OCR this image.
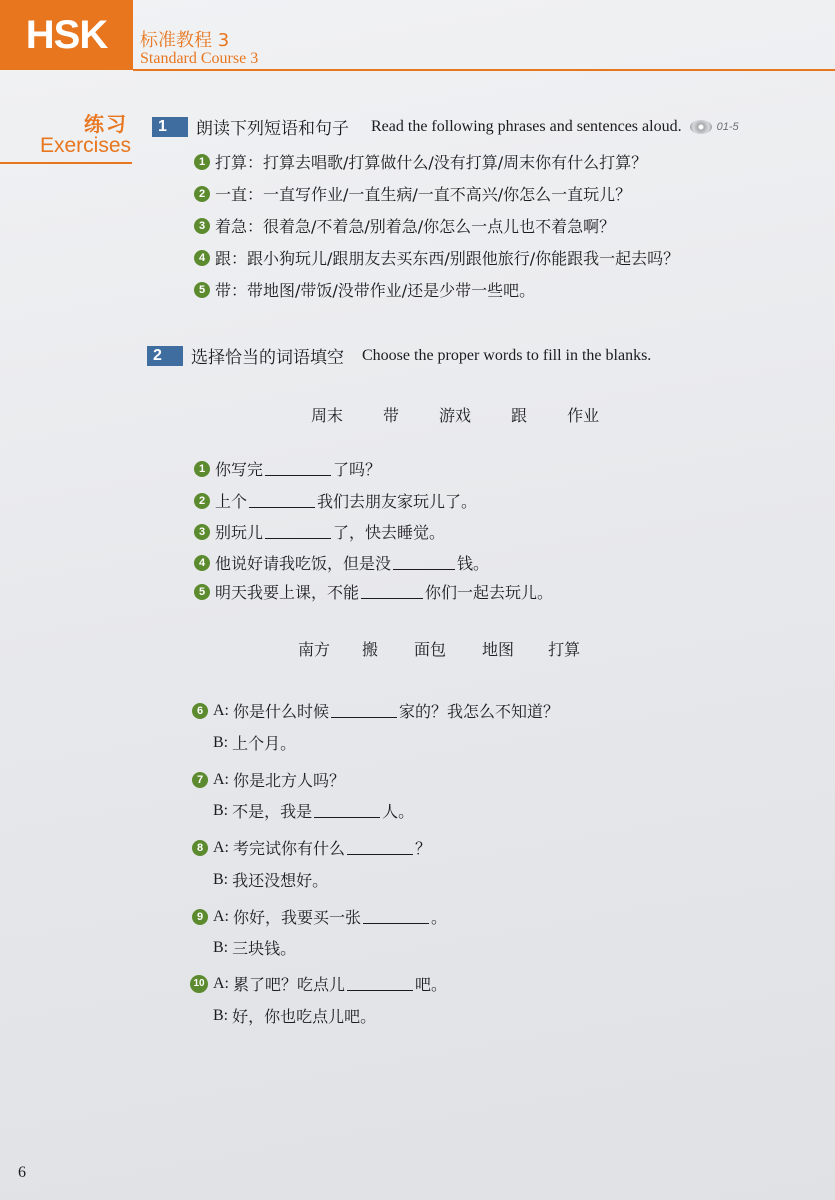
HSK 标准教程 3
Standard Course 3
练习
Exercises
1	朗读下列短语和句子 Read the following phrases and sentences aloud.	01-5
1 打算：打算去唱歌/打算做什么/没有打算/周末你有什么打算？
2 一直：一直写作业/一直生病/一直不高兴/你怎么一直玩儿？
3 着急：很着急/不着急/别着急/你怎么一点儿也不着急啊？
4 跟：跟小狗玩儿/跟朋友去买东西/别跟他旅行/你能跟我一起去吗？
5 带：带地图/带饭/没带作业/还是少带一些吧。
2	选择恰当的词语填空 Choose the proper words to fill in the blanks.
周末	带	游戏	跟	作业
1 你写完	了吗？
2 上个	我们去朋友家玩儿了。
3 别玩儿	了，快去睡觉。
4 他说好请我吃饭，但是没	钱。
5 明天我要上课，不能	你们一起去玩儿。
南方 搬 面包 地图 打算
6 A: 你是什么时候	家的？我怎么不知道？
B: 上个月。
7 A: 你是北方人吗？
B: 不是，我是	人。
8 A: 考完试你有什么	？
B: 我还没想好。
9 A: 你好，我要买一张	。
B: 三块钱。
10 A: 累了吧？吃点儿	吧。
B: 好，你也吃点儿吧。
6
